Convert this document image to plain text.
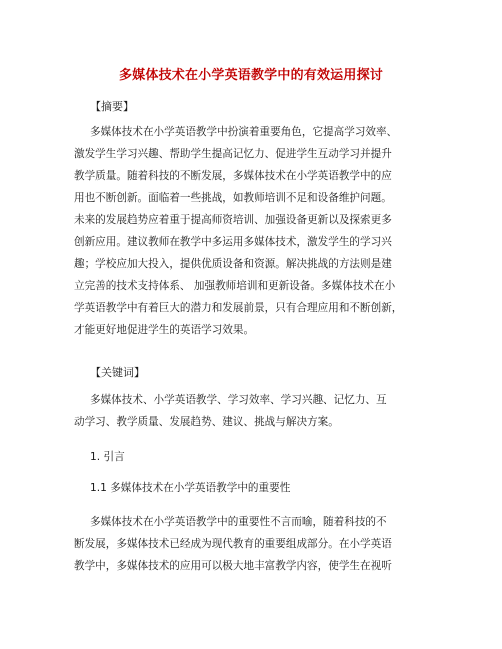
多媒体技术在小学英语教学中的有效运用探讨
【摘要】
多媒体技术在小学英语教学中扮演着重要角色，它提高学习效率、
激发学生学习兴趣、帮助学生提高记忆力、促进学生互动学习并提升
教学质量。随着科技的不断发展，多媒体技术在小学英语教学中的应
用也不断创新。面临着一些挑战，如教师培训不足和设备维护问题。
未来的发展趋势应着重于提高师资培训、加强设备更新以及探索更多
创新应用。建议教师在教学中多运用多媒体技术，激发学生的学习兴
趣；学校应加大投入，提供优质设备和资源。解决挑战的方法则是建
立完善的技术支持体系、 加强教师培训和更新设备。多媒体技术在小
学英语教学中有着巨大的潜力和发展前景，只有合理应用和不断创新，
才能更好地促进学生的英语学习效果。
【关键词】
多媒体技术、小学英语教学、学习效率、学习兴趣、记忆力、互
动学习、教学质量、发展趋势、建议、挑战与解决方案。
1. 引言
1.1 多媒体技术在小学英语教学中的重要性
多媒体技术在小学英语教学中的重要性不言而喻，随着科技的不
断发展，多媒体技术已经成为现代教育的重要组成部分。在小学英语
教学中，多媒体技术的应用可以极大地丰富教学内容，使学生在视听
